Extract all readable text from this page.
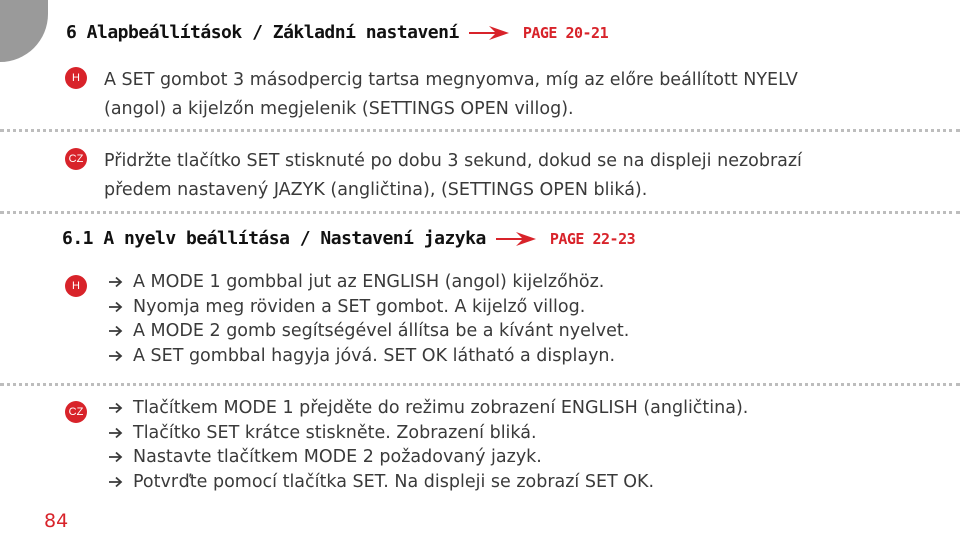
6 Alapbeállítások / Základní nastavení	PAGE 20-21
H	A SET gombot 3 másodpercig tartsa megnyomva, míg az előre beállított NYELV
(angol) a kijelzőn megjelenik (SETTINGS OPEN villog).
CZ Přidržte tlačítko SET stisknuté po dobu 3 sekund, dokud se na displeji nezobrazí
předem nastavený JAZYK (angličtina), (SETTINGS OPEN bliká).
6.1 A nyelv beállítása / Nastavení jazyka	PAGE 22-23
H	A MODE 1 gombbal jut az ENGLISH (angol) kijelzőhöz.
Nyomja meg röviden a SET gombot. A kijelző villog.
A MODE 2 gomb segítségével állítsa be a kívánt nyelvet.
A SET gombbal hagyja jóvá. SET OK látható a displayn.
CZ	Tlačítkem MODE 1 přejděte do režimu zobrazení ENGLISH (angličtina).
Tlačítko SET krátce stiskněte. Zobrazení bliká.
Nastavte tlačítkem MODE 2 požadovaný jazyk.
Potvrďte pomocí tlačítka SET. Na displeji se zobrazí SET OK.
84
